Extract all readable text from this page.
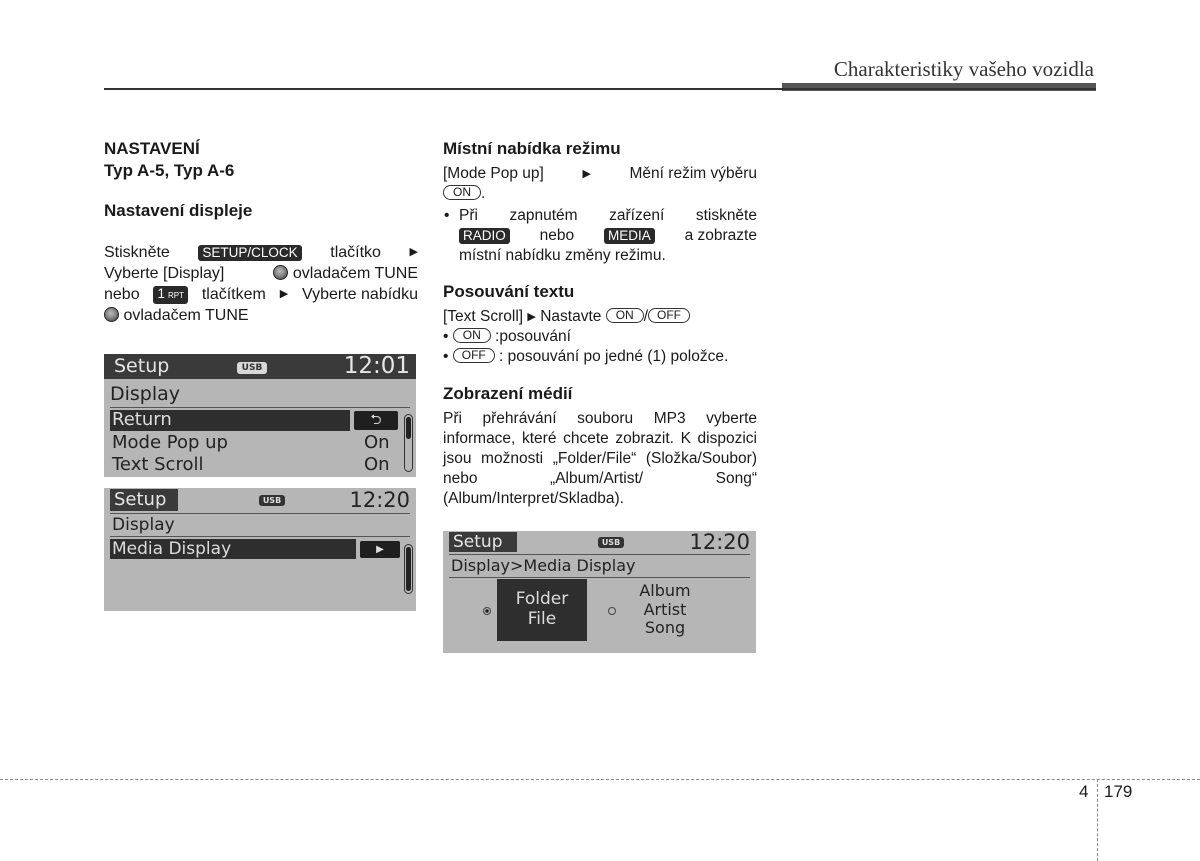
Charakteristiky vašeho vozidla
NASTAVENÍ
Typ A-5, Typ A-6
Nastavení displeje
Stiskněte SETUP/CLOCK tlačítko	▶
Vyberte [Display]	ovladačem TUNE
nebo 1 RPT tlačítkem ▶ Vyberte nabídku
ovladačem TUNE
Setup	USB	12:01
Display
Return	⮌
Mode Pop up	On
Text Scroll	On
Setup	USB	12:20
Display
Media Display	▶
Místní nabídka režimu
[Mode Pop up]	▶ Mění režim výběru
ON .
• Při zapnutém zařízení stiskněte
RADIO nebo	MEDIA a zobrazte
místní nabídku změny režimu.
Posouvání textu
[Text Scroll] ▶ Nastavte ON / OFF
• ON :posouvání
• OFF : posouvání po jedné (1) položce.
Zobrazení médií

Při přehrávání souboru MP3 vyberte informace, které chcete zobrazit. K dispozici jsou možnosti „Folder/File“ (Složka/Soubor) nebo „Album/Artist/ Song“ (Album/Interpret/Skladba).

Setup	USB	12:20
Display>Media Display
Folder
File
Album
Artist
Song
4 179
